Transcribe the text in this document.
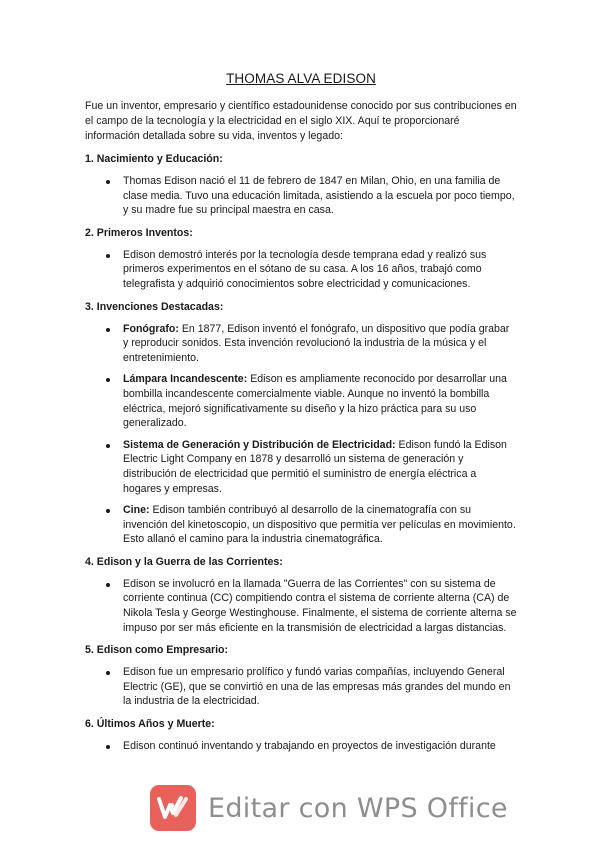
THOMAS ALVA EDISON

Fue un inventor, empresario y científico estadounidense conocido por sus contribuciones en el campo de la tecnología y la electricidad en el siglo XIX. Aquí te proporcionaré información detallada sobre su vida, inventos y legado:

1. Nacimiento y Educación:
Thomas Edison nació el 11 de febrero de 1847 en Milan, Ohio, en una familia de clase media. Tuvo una educación limitada, asistiendo a la escuela por poco tiempo, y su madre fue su principal maestra en casa.
2. Primeros Inventos:
Edison demostró interés por la tecnología desde temprana edad y realizó sus primeros experimentos en el sótano de su casa. A los 16 años, trabajó como telegrafista y adquirió conocimientos sobre electricidad y comunicaciones.
3. Invenciones Destacadas:
Fonógrafo: En 1877, Edison inventó el fonógrafo, un dispositivo que podía grabar y reproducir sonidos. Esta invención revolucionó la industria de la música y el entretenimiento.
Lámpara Incandescente: Edison es ampliamente reconocido por desarrollar una bombilla incandescente comercialmente viable. Aunque no inventó la bombilla eléctrica, mejoró significativamente su diseño y la hizo práctica para su uso generalizado.
Sistema de Generación y Distribución de Electricidad: Edison fundó la Edison Electric Light Company en 1878 y desarrolló un sistema de generación y distribución de electricidad que permitió el suministro de energía eléctrica a hogares y empresas.
Cine: Edison también contribuyó al desarrollo de la cinematografía con su invención del kinetoscopio, un dispositivo que permitía ver películas en movimiento. Esto allanó el camino para la industria cinematográfica.
4. Edison y la Guerra de las Corrientes:
Edison se involucró en la llamada "Guerra de las Corrientes" con su sistema de corriente continua (CC) compitiendo contra el sistema de corriente alterna (CA) de Nikola Tesla y George Westinghouse. Finalmente, el sistema de corriente alterna se impuso por ser más eficiente en la transmisión de electricidad a largas distancias.
5. Edison como Empresario:
Edison fue un empresario prolífico y fundó varias compañías, incluyendo General Electric (GE), que se convirtió en una de las empresas más grandes del mundo en la industria de la electricidad.
6. Últimos Años y Muerte:
Edison continuó inventando y trabajando en proyectos de investigación durante
Editar con WPS Office
